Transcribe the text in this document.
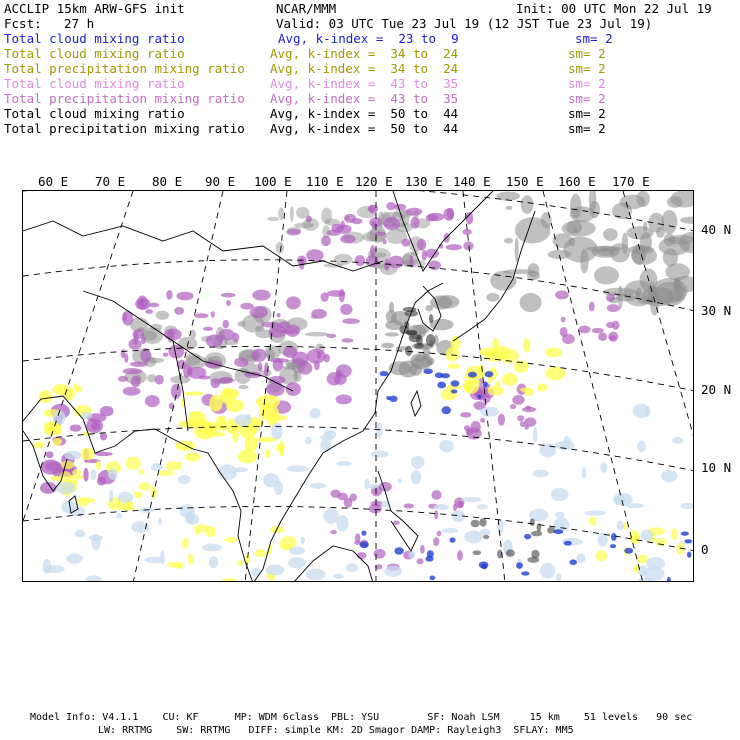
ACCLIP 15km ARW-GFS init	NCAR/MMM	Init: 00 UTC Mon 22 Jul 19
Fcst: 27 h	Valid: 03 UTC Tue 23 Jul 19 (12 JST Tue 23 Jul 19)
Total cloud mixing ratio	Avg, k-index =  23 to  9	sm= 2
Total cloud mixing ratio	Avg, k-index =  34 to  24	sm= 2
Total precipitation mixing ratio Avg, k-index =  34 to  24	sm= 2
Total cloud mixing ratio	Avg, k-index =  43 to  35	sm= 2
Total precipitation mixing ratio Avg, k-index =  43 to  35	sm= 2
Total cloud mixing ratio	Avg, k-index =  50 to  44	sm= 2
Total precipitation mixing ratio Avg, k-index =  50 to  44	sm= 2
60 E 70 E 80 E 90 E 100 E 110 E 120 E 130 E 140 E 150 E 160 E 170 E
40 N
30 N
20 N
10 N
0
Model Info: V4.1.1    CU: KF      MP: WDM 6class  PBL: YSU        SF: Noah LSM     15 km    51 levels   90 sec
LW: RRTMG    SW: RRTMG   DIFF: simple KM: 2D Smagor DAMP: Rayleigh3  SFLAY: MM5
